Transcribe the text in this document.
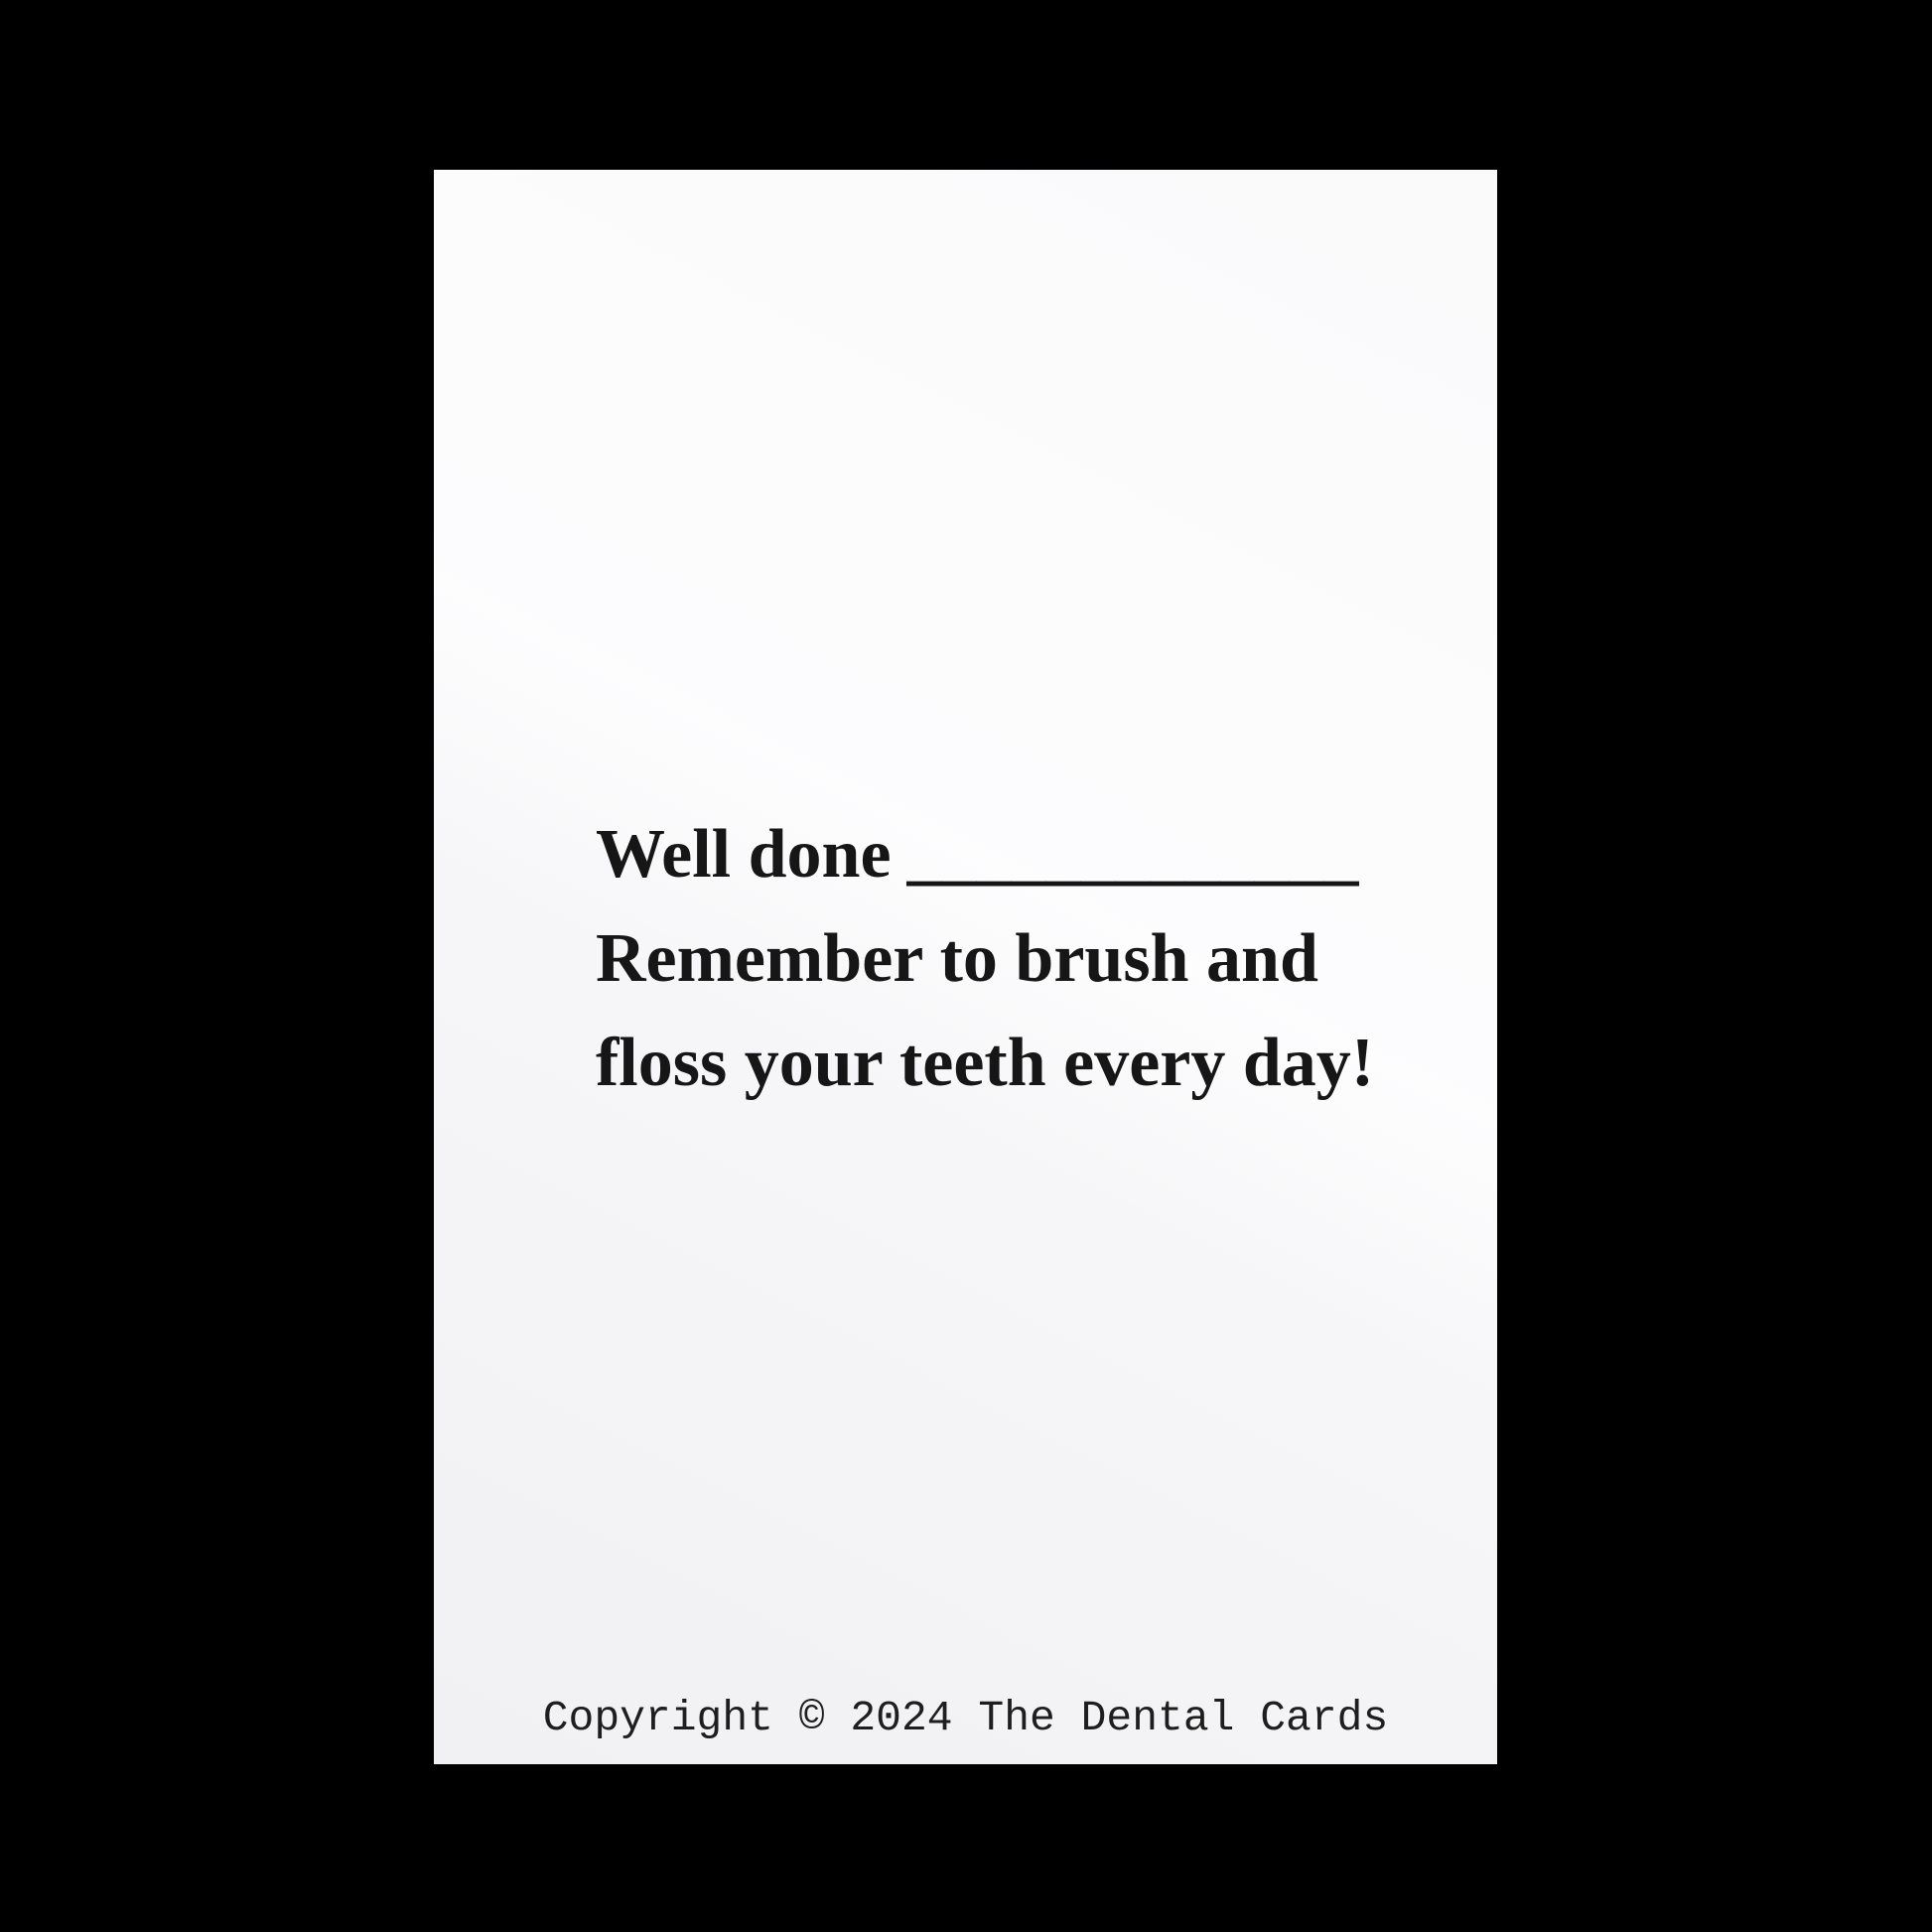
Well done _____________
Remember to brush and
floss your teeth every day!
Copyright © 2024 The Dental Cards
